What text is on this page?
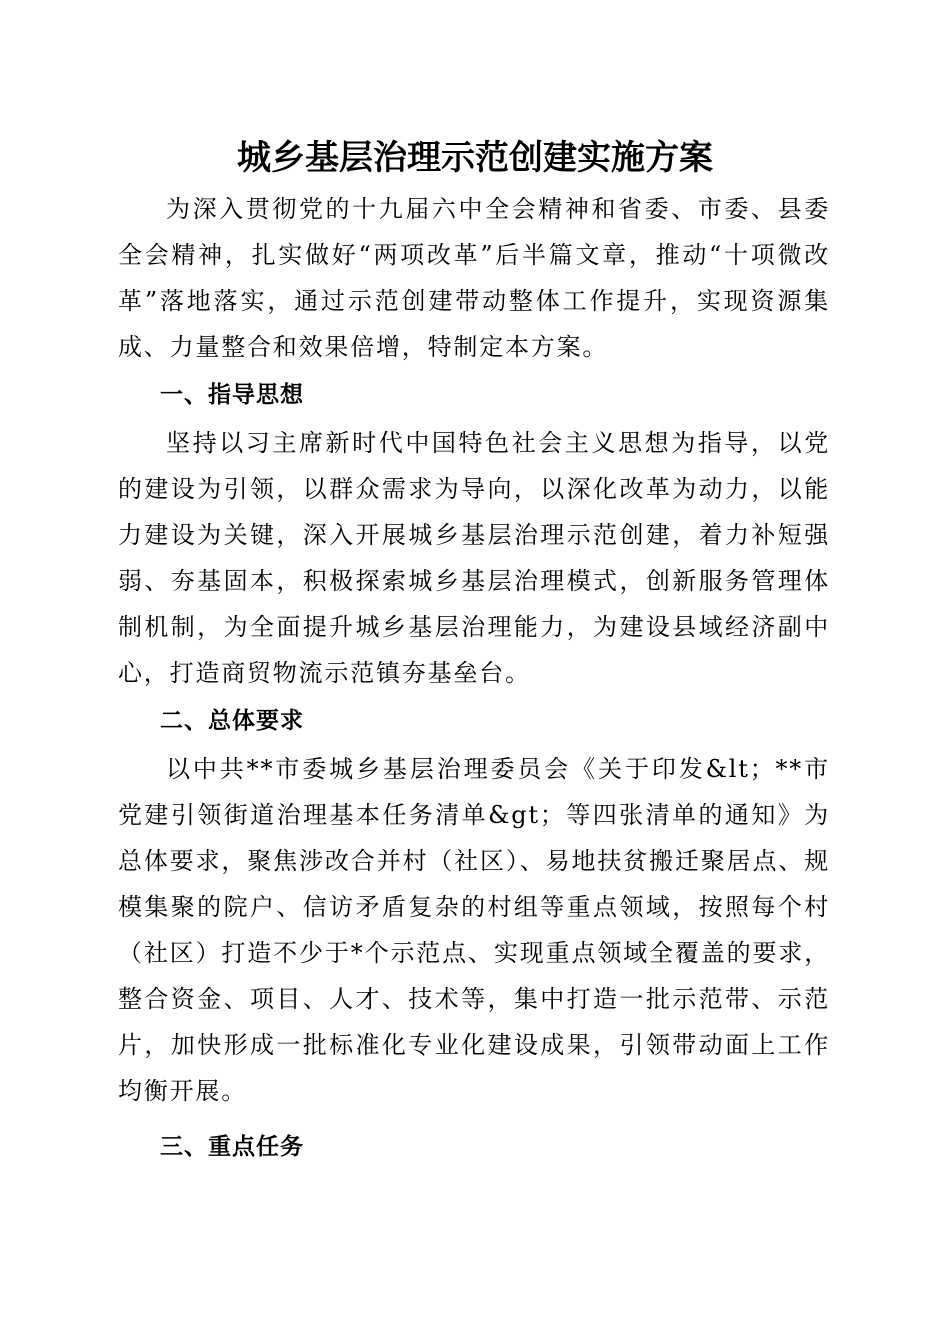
城乡基层治理示范创建实施方案

为深入贯彻党的十九届六中全会精神和省委、市委、县委全会精神，扎实做好“两项改革”后半篇文章，推动“十项微改革”落地落实，通过示范创建带动整体工作提升，实现资源集成、力量整合和效果倍增，特制定本方案。

一、指导思想

坚持以习主席新时代中国特色社会主义思想为指导，以党的建设为引领，以群众需求为导向，以深化改革为动力，以能力建设为关键，深入开展城乡基层治理示范创建，着力补短强弱、夯基固本，积极探索城乡基层治理模式，创新服务管理体制机制，为全面提升城乡基层治理能力，为建设县域经济副中心，打造商贸物流示范镇夯基垒台。

二、总体要求

以中共**市委城乡基层治理委员会《关于印发&lt；**市党建引领街道治理基本任务清单&gt；等四张清单的通知》为总体要求，聚焦涉改合并村（社区）、易地扶贫搬迁聚居点、规模集聚的院户、信访矛盾复杂的村组等重点领域，按照每个村（社区）打造不少于*个示范点、实现重点领域全覆盖的要求，整合资金、项目、人才、技术等，集中打造一批示范带、示范片，加快形成一批标准化专业化建设成果，引领带动面上工作均衡开展。

三、重点任务
